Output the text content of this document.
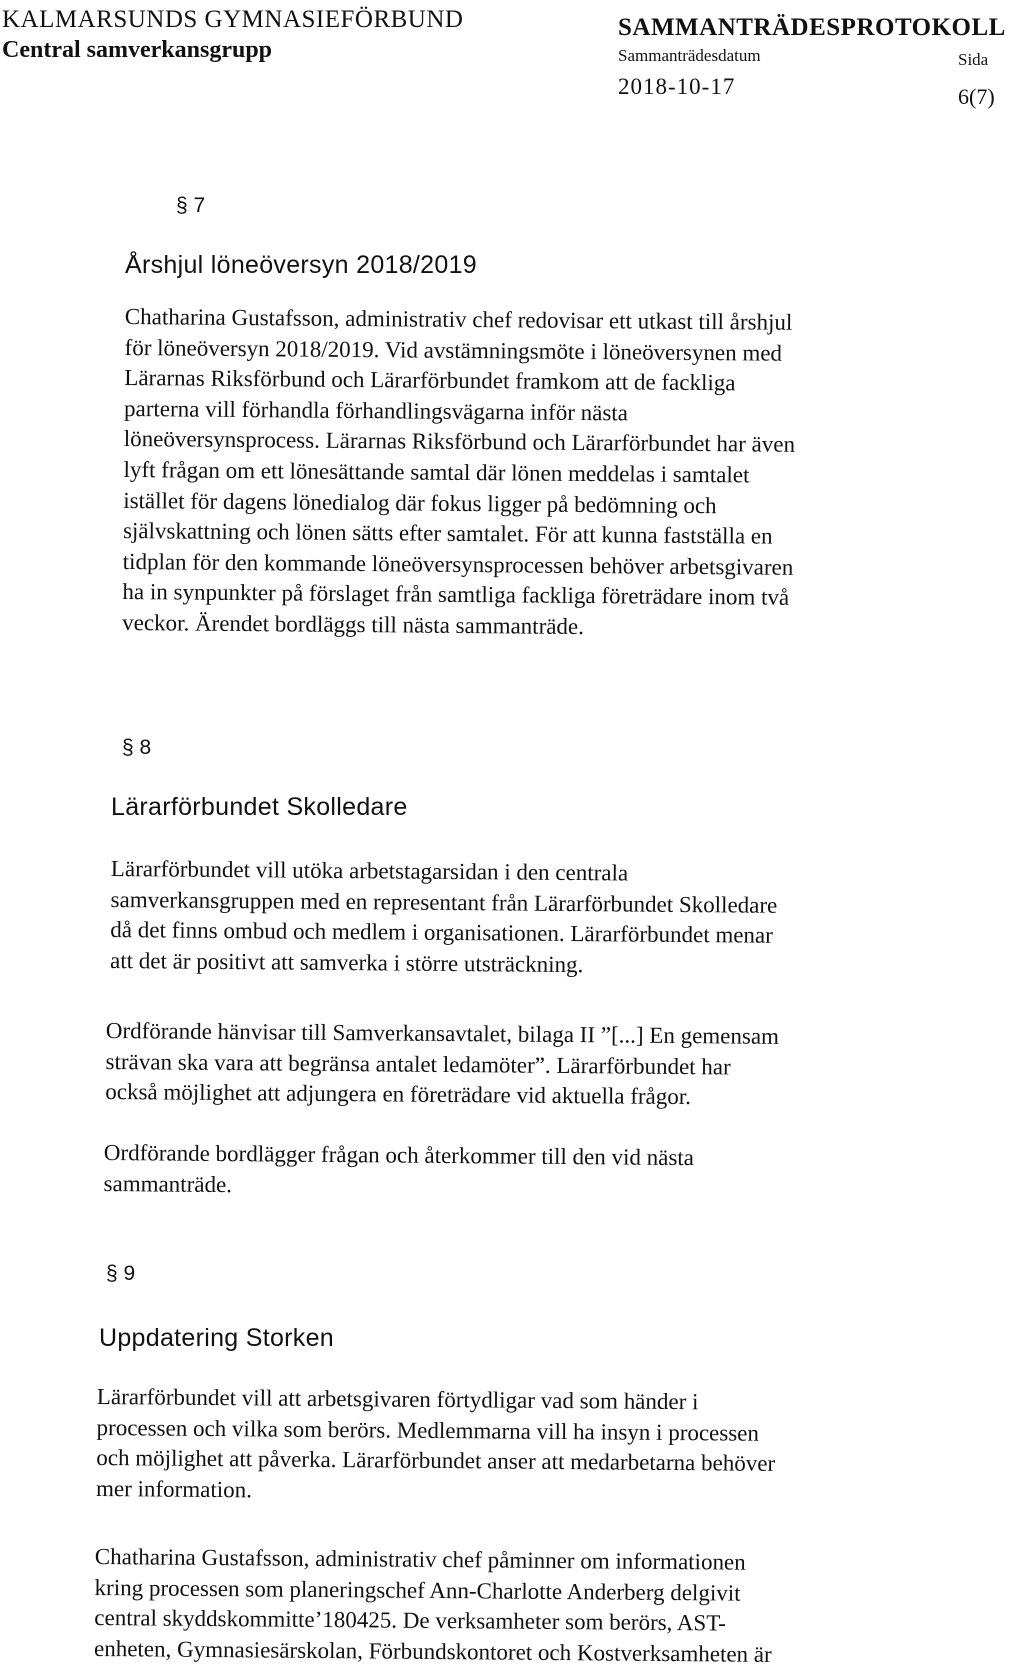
KALMARSUNDS GYMNASIEFÖRBUND
Central samverkansgrupp
SAMMANTRÄDESPROTOKOLL
Sammanträdesdatum
2018-10-17
Sida
6(7)
§ 7
Årshjul löneöversyn 2018/2019
Chatharina Gustafsson, administrativ chef redovisar ett utkast till årshjul
för löneöversyn 2018/2019. Vid avstämningsmöte i löneöversynen med
Lärarnas Riksförbund och Lärarförbundet framkom att de fackliga
parterna vill förhandla förhandlingsvägarna inför nästa
löneöversynsprocess. Lärarnas Riksförbund och Lärarförbundet har även
lyft frågan om ett lönesättande samtal där lönen meddelas i samtalet
istället för dagens lönedialog där fokus ligger på bedömning och
självskattning och lönen sätts efter samtalet. För att kunna fastställa en
tidplan för den kommande löneöversynsprocessen behöver arbetsgivaren
ha in synpunkter på förslaget från samtliga fackliga företrädare inom två
veckor. Ärendet bordläggs till nästa sammanträde.
§ 8
Lärarförbundet Skolledare
Lärarförbundet vill utöka arbetstagarsidan i den centrala
samverkansgruppen med en representant från Lärarförbundet Skolledare
då det finns ombud och medlem i organisationen. Lärarförbundet menar
att det är positivt att samverka i större utsträckning.
Ordförande hänvisar till Samverkansavtalet, bilaga II ”[...] En gemensam
strävan ska vara att begränsa antalet ledamöter”. Lärarförbundet har
också möjlighet att adjungera en företrädare vid aktuella frågor.
Ordförande bordlägger frågan och återkommer till den vid nästa
sammanträde.
§ 9
Uppdatering Storken
Lärarförbundet vill att arbetsgivaren förtydligar vad som händer i
processen och vilka som berörs. Medlemmarna vill ha insyn i processen
och möjlighet att påverka. Lärarförbundet anser att medarbetarna behöver
mer information.
Chatharina Gustafsson, administrativ chef påminner om informationen
kring processen som planeringschef Ann-Charlotte Anderberg delgivit
central skyddskommitte’180425. De verksamheter som berörs, AST-
enheten, Gymnasiesärskolan, Förbundskontoret och Kostverksamheten är
